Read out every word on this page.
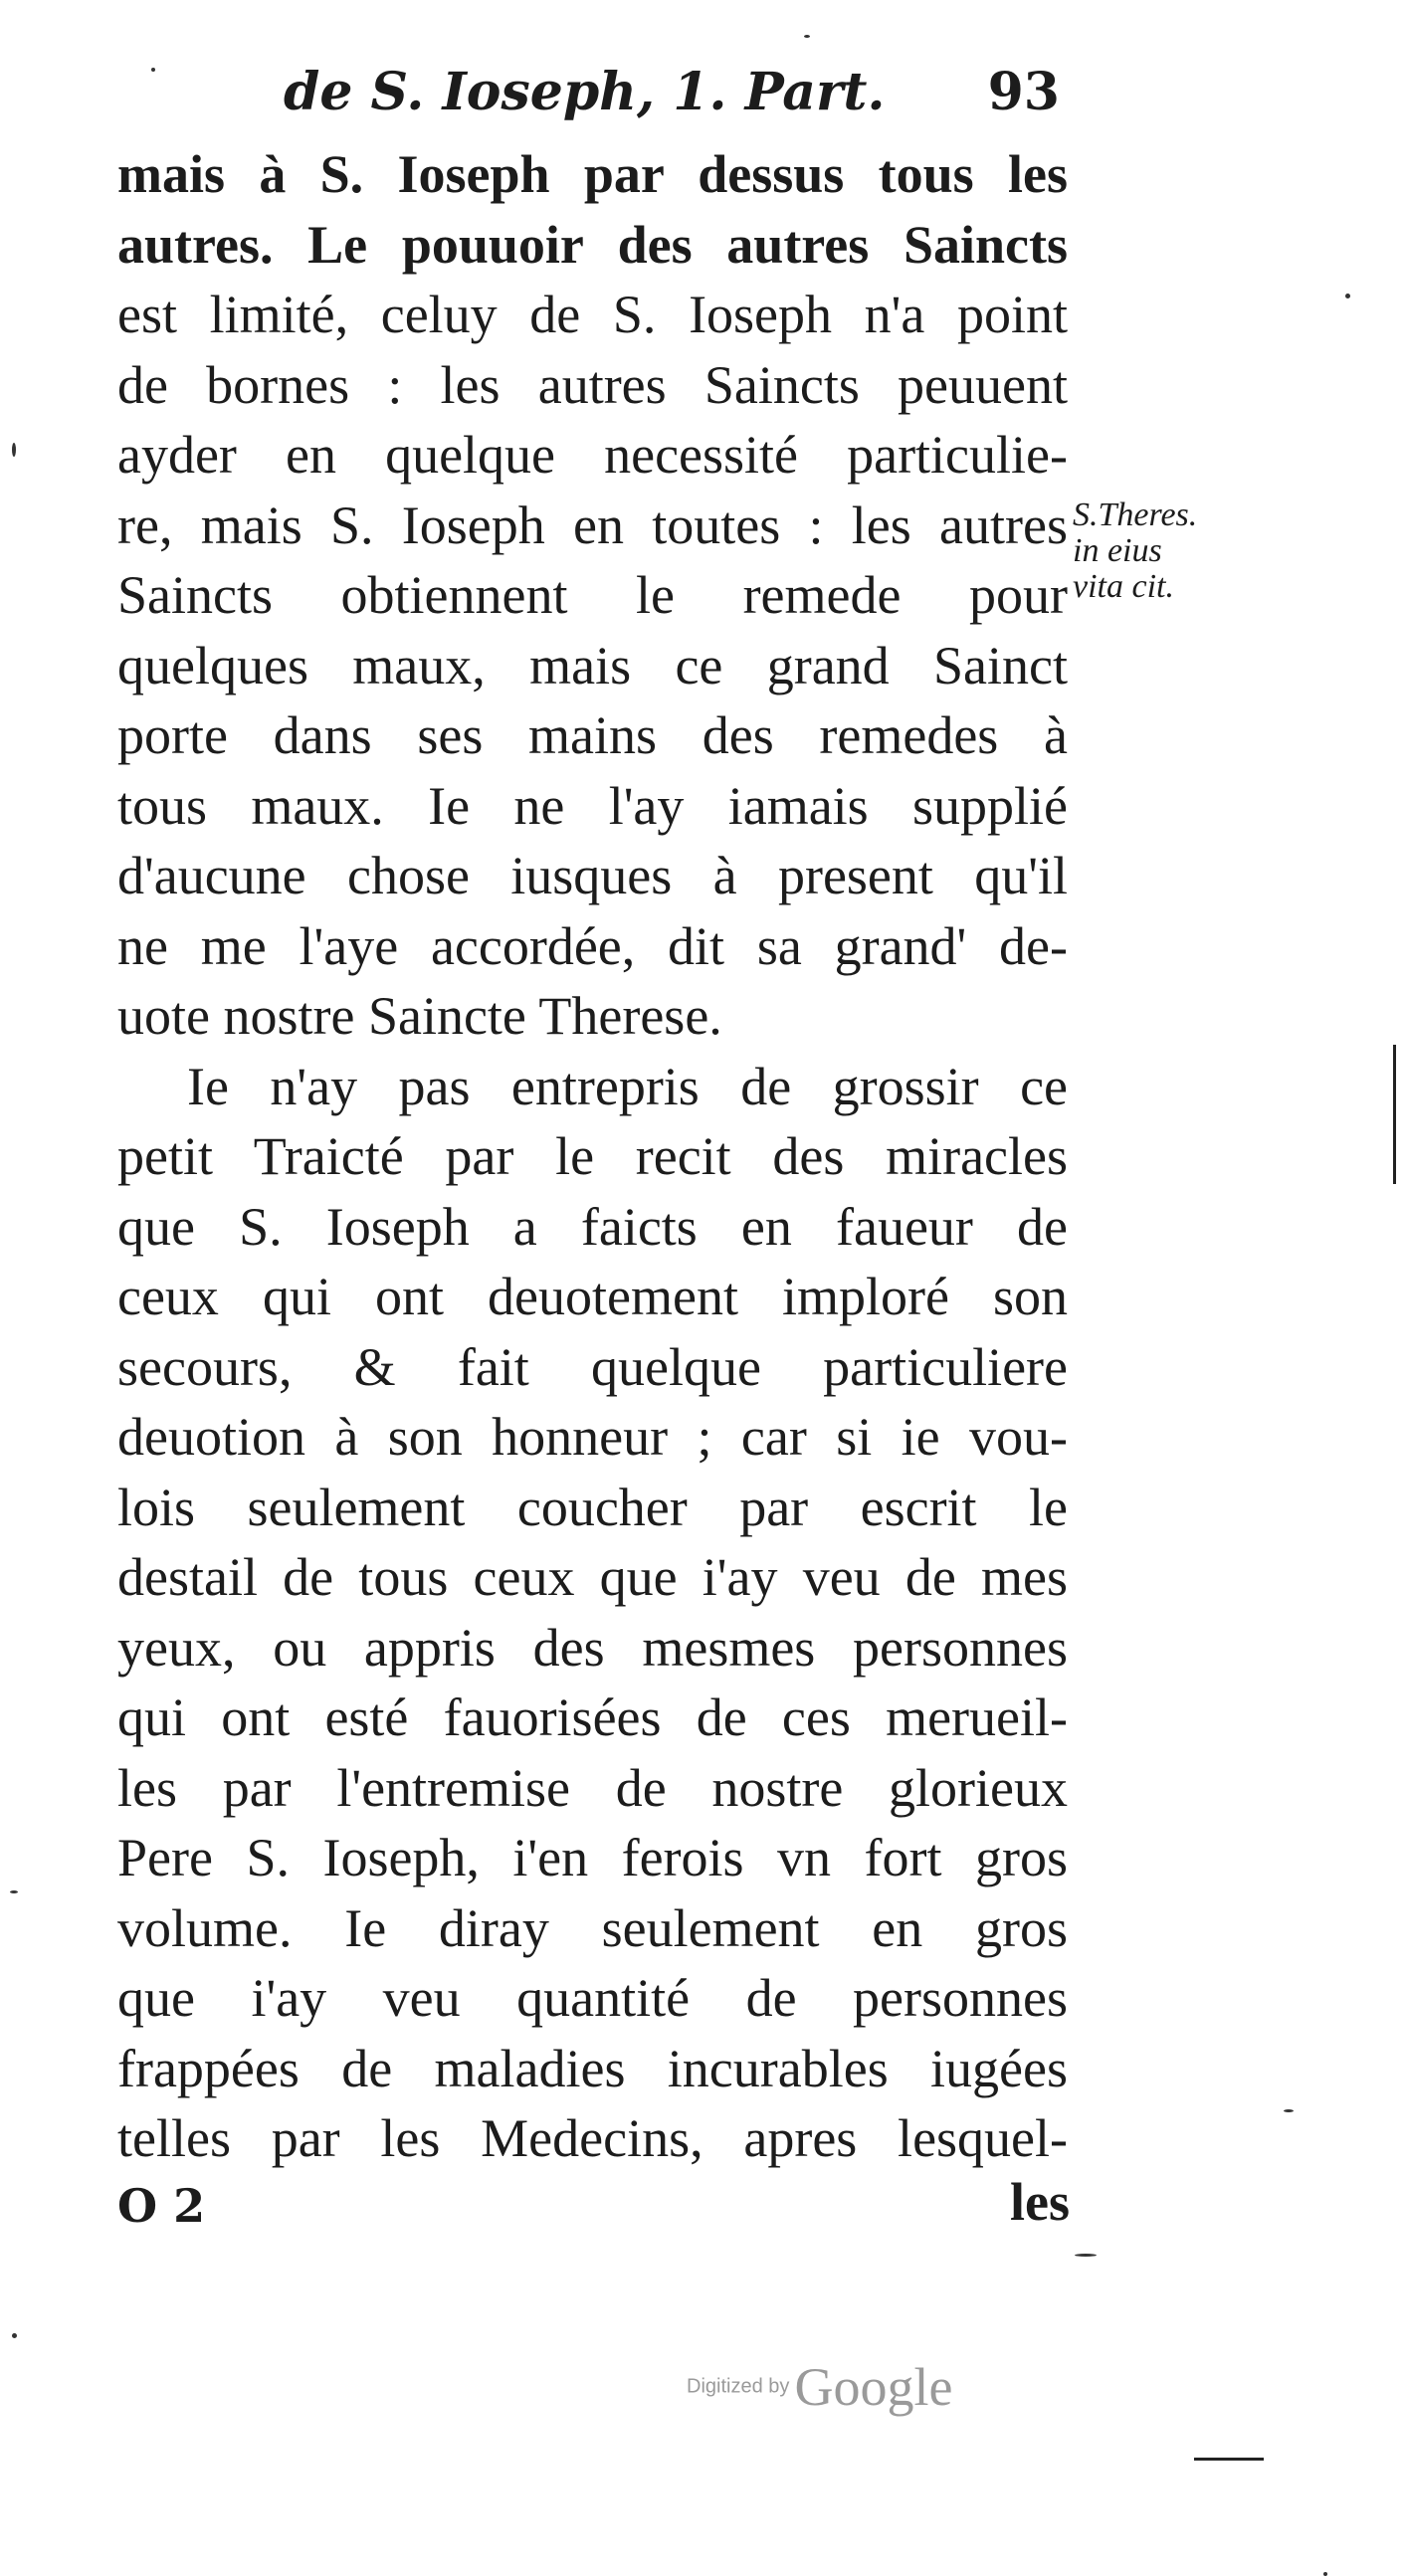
de S. Ioseph, 1. Part. 93
mais à S. Ioseph par dessus tous les
autres. Le pouuoir des autres Saincts
est limité, celuy de S. Ioseph n'a point
de bornes : les autres Saincts peuuent
ayder en quelque necessité particulie-
re, mais S. Ioseph en toutes : les autres
Saincts obtiennent le remede pour
quelques maux, mais ce grand Sainct
porte dans ses mains des remedes à
tous maux. Ie ne l'ay iamais supplié
d'aucune chose iusques à present qu'il
ne me l'aye accordée, dit sa grand' de-
uote nostre Saincte Therese.
Ie n'ay pas entrepris de grossir ce
petit Traicté par le recit des miracles
que S. Ioseph a faicts en faueur de
ceux qui ont deuotement imploré son
secours, & fait quelque particuliere
deuotion à son honneur ; car si ie vou-
lois seulement coucher par escrit le
destail de tous ceux que i'ay veu de mes
yeux, ou appris des mesmes personnes
qui ont esté fauorisées de ces merueil-
les par l'entremise de nostre glorieux
Pere S. Ioseph, i'en ferois vn fort gros
volume. Ie diray seulement en gros
que i'ay veu quantité de personnes
frappées de maladies incurables iugées
telles par les Medecins, apres lesquel-
S.Theres.
in eius
vita cit.
O 2	les
Digitized by Google
